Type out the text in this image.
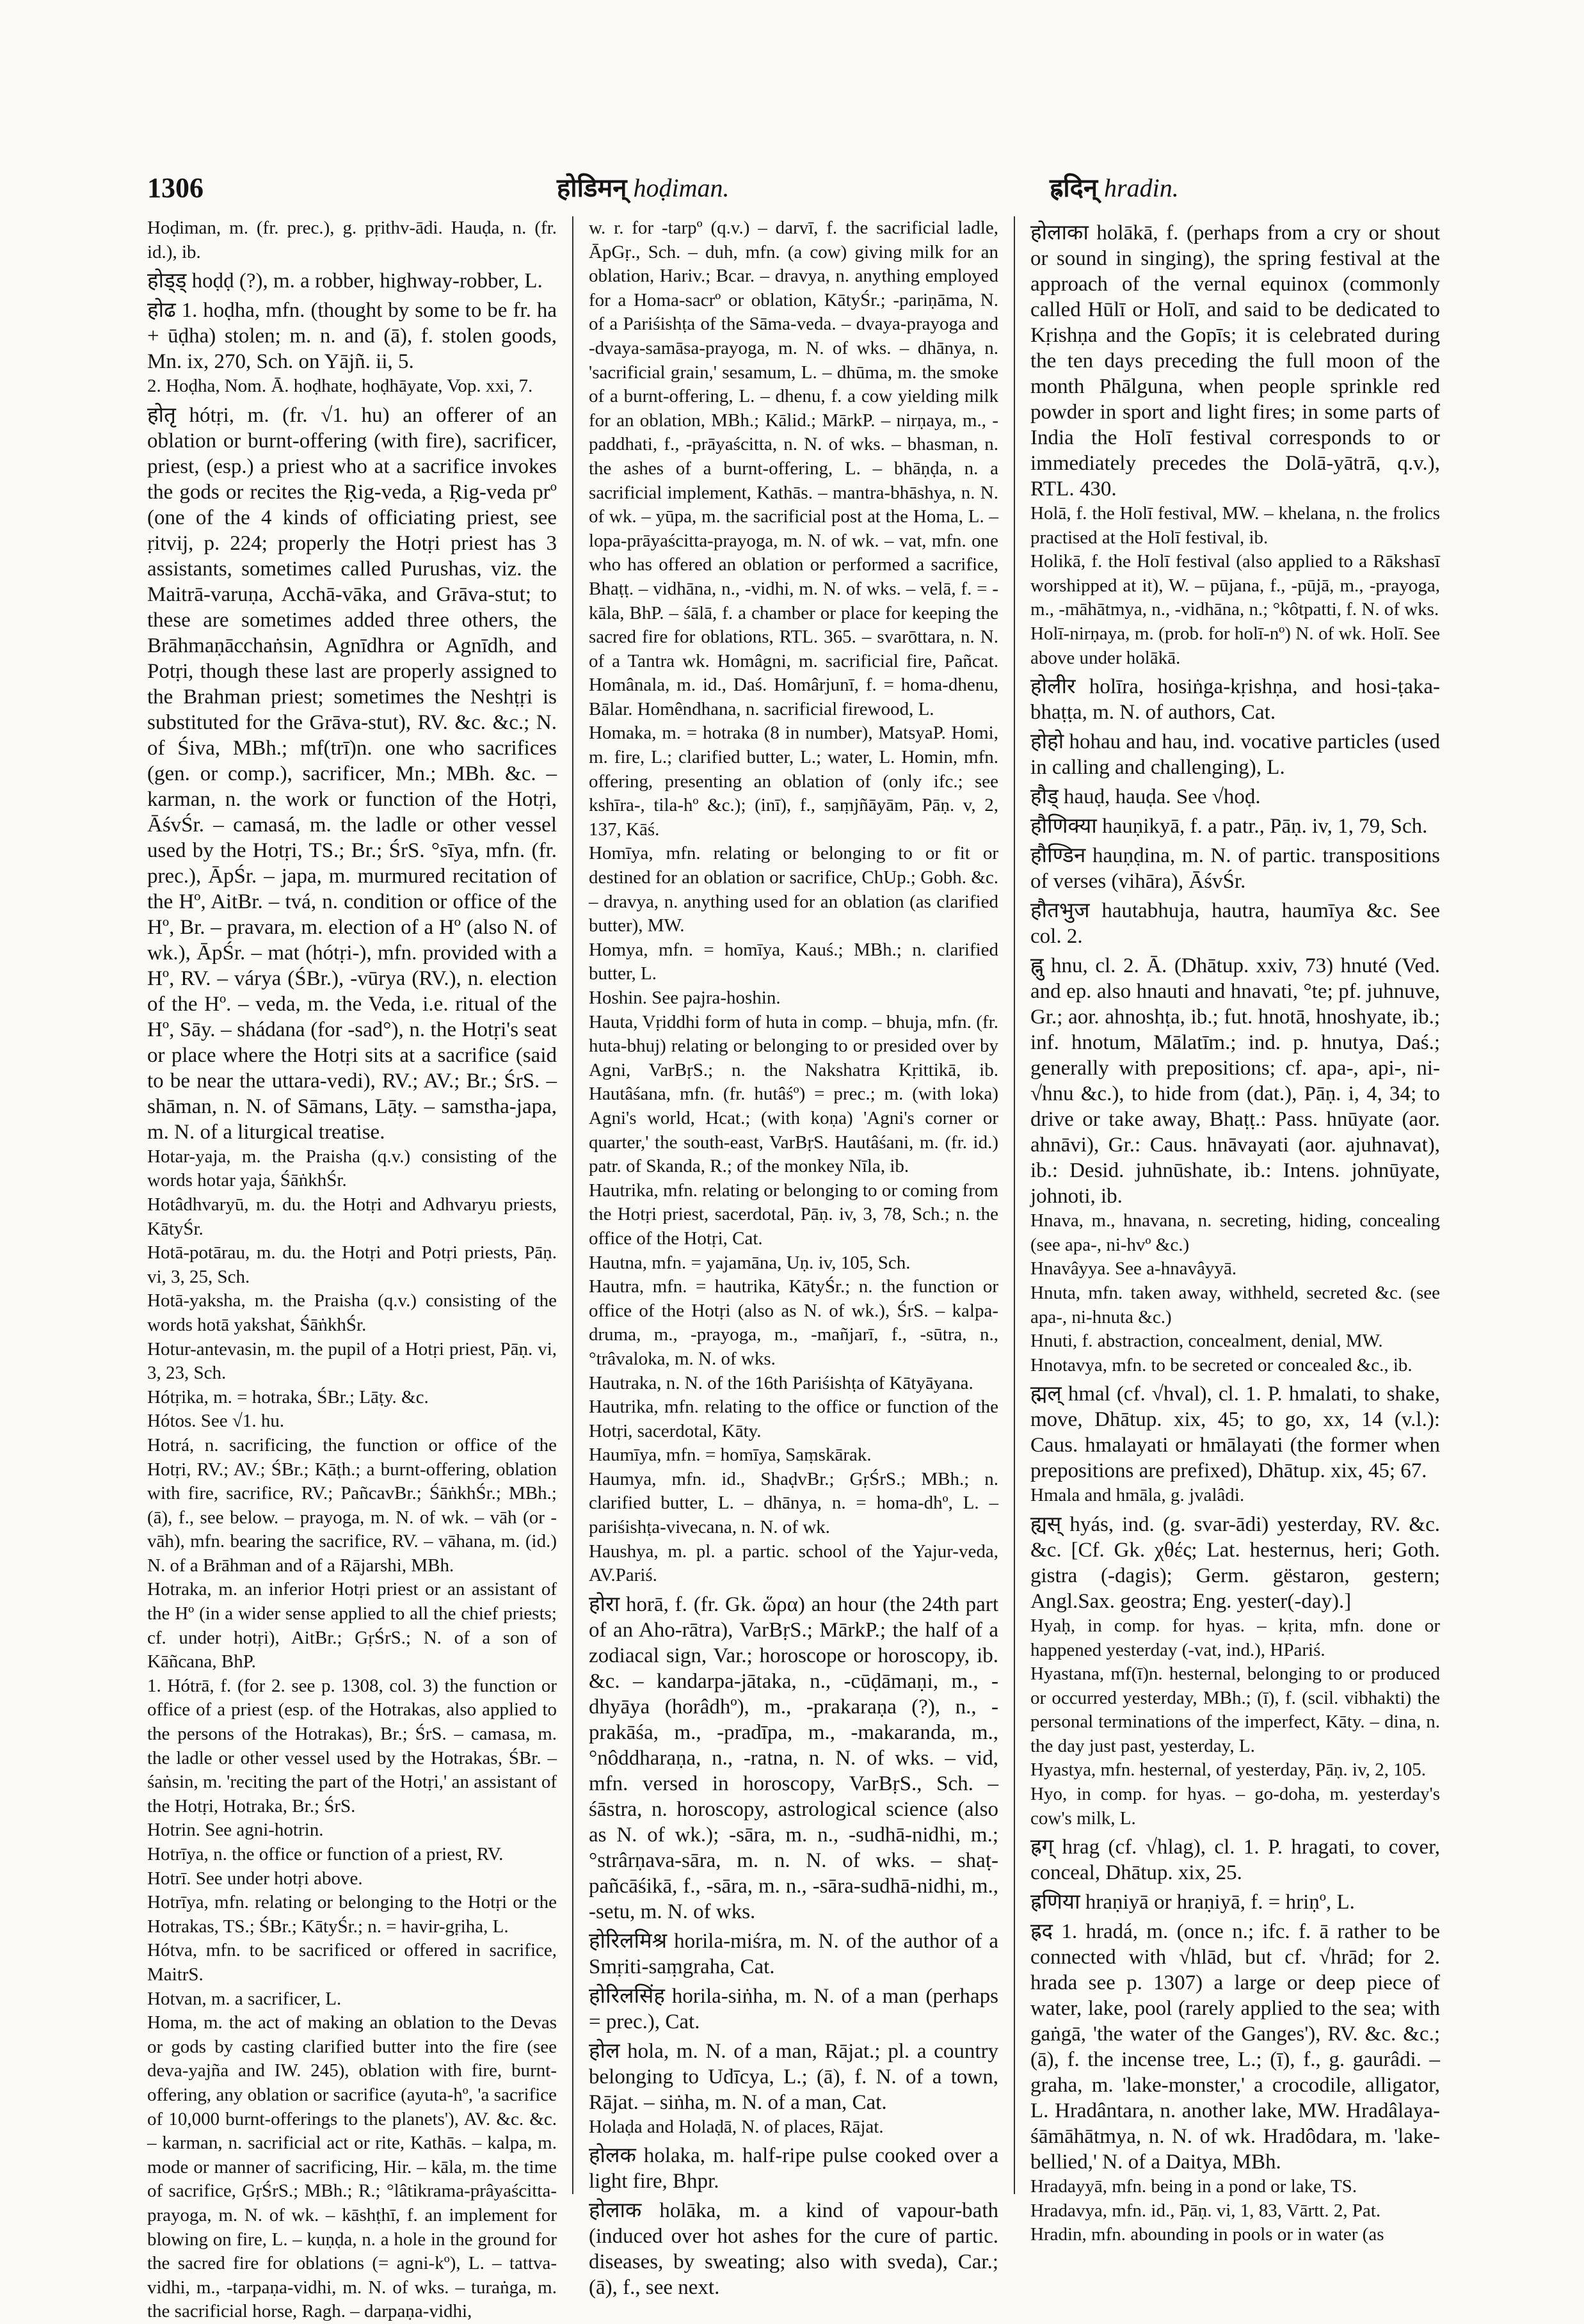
1306	होडिमन् hoḍiman.	ह्रदिन् hradin.

Hoḍiman, m. (fr. prec.), g. pṛithv-ādi. Hauḍa, n. (fr. id.), ib.

होड्ड् hoḍḍ (?), m. a robber, highway-robber, L.

होढ 1. hoḍha, mfn. (thought by some to be fr. ha + ūḍha) stolen; m. n. and (ā), f. stolen goods, Mn. ix, 270, Sch. on Yājñ. ii, 5.

2. Hoḍha, Nom. Ā. hoḍhate, hoḍhāyate, Vop. xxi, 7.

होतृ hótṛi, m. (fr. √1. hu) an offerer of an oblation or burnt-offering (with fire), sacrificer, priest, (esp.) a priest who at a sacrifice invokes the gods or recites the Ṛig-veda, a Ṛig-veda prº (one of the 4 kinds of officiating priest, see ṛitvij, p. 224; properly the Hotṛi priest has 3 assistants, sometimes called Purushas, viz. the Maitrā-varuṇa, Acchā-vāka, and Grāva-stut; to these are sometimes added three others, the Brāhmaṇācchaṅsin, Agnīdhra or Agnīdh, and Potṛi, though these last are properly assigned to the Brahman priest; sometimes the Neshṭṛi is substituted for the Grāva-stut), RV. &c. &c.; N. of Śiva, MBh.; mf(trī)n. one who sacrifices (gen. or comp.), sacrificer, Mn.; MBh. &c. – karman, n. the work or function of the Hotṛi, ĀśvŚr. – camasá, m. the ladle or other vessel used by the Hotṛi, TS.; Br.; ŚrS. °sīya, mfn. (fr. prec.), ĀpŚr. – japa, m. murmured recitation of the Hº, AitBr. – tvá, n. condition or office of the Hº, Br. – pravara, m. election of a Hº (also N. of wk.), ĀpŚr. – mat (hótṛi-), mfn. provided with a Hº, RV. – várya (ŚBr.), -vūrya (RV.), n. election of the Hº. – veda, m. the Veda, i.e. ritual of the Hº, Sāy. – shádana (for -sad°), n. the Hotṛi's seat or place where the Hotṛi sits at a sacrifice (said to be near the uttara-vedi), RV.; AV.; Br.; ŚrS. – shāman, n. N. of Sāmans, Lāṭy. – samstha-japa, m. N. of a liturgical treatise.

Hotar-yaja, m. the Praisha (q.v.) consisting of the words hotar yaja, ŚāṅkhŚr.

Hotâdhvaryū, m. du. the Hotṛi and Adhvaryu priests, KātyŚr.

Hotā-potārau, m. du. the Hotṛi and Potṛi priests, Pāṇ. vi, 3, 25, Sch.

Hotā-yaksha, m. the Praisha (q.v.) consisting of the words hotā yakshat, ŚāṅkhŚr.

Hotur-antevasin, m. the pupil of a Hotṛi priest, Pāṇ. vi, 3, 23, Sch.

Hótṛika, m. = hotraka, ŚBr.; Lāṭy. &c.

Hótos. See √1. hu.

Hotrá, n. sacrificing, the function or office of the Hotṛi, RV.; AV.; ŚBr.; Kāṭh.; a burnt-offering, oblation with fire, sacrifice, RV.; PañcavBr.; ŚāṅkhŚr.; MBh.; (ā), f., see below. – prayoga, m. N. of wk. – vāh (or -vāh), mfn. bearing the sacrifice, RV. – vāhana, m. (id.) N. of a Brāhman and of a Rājarshi, MBh.

Hotraka, m. an inferior Hotṛi priest or an assistant of the Hº (in a wider sense applied to all the chief priests; cf. under hotṛi), AitBr.; GṛŚrS.; N. of a son of Kāñcana, BhP.

1. Hótrā, f. (for 2. see p. 1308, col. 3) the function or office of a priest (esp. of the Hotrakas, also applied to the persons of the Hotrakas), Br.; ŚrS. – camasa, m. the ladle or other vessel used by the Hotrakas, ŚBr. – śaṅsin, m. 'reciting the part of the Hotṛi,' an assistant of the Hotṛi, Hotraka, Br.; ŚrS.

Hotrin. See agni-hotrin.

Hotrīya, n. the office or function of a priest, RV.

Hotrī. See under hotṛi above.

Hotrīya, mfn. relating or belonging to the Hotṛi or the Hotrakas, TS.; ŚBr.; KātyŚr.; n. = havir-gṛiha, L.

Hótva, mfn. to be sacrificed or offered in sacrifice, MaitrS.

Hotvan, m. a sacrificer, L.

Homa, m. the act of making an oblation to the Devas or gods by casting clarified butter into the fire (see deva-yajña and IW. 245), oblation with fire, burnt-offering, any oblation or sacrifice (ayuta-hº, 'a sacrifice of 10,000 burnt-offerings to the planets'), AV. &c. &c. – karman, n. sacrificial act or rite, Kathās. – kalpa, m. mode or manner of sacrificing, Hir. – kāla, m. the time of sacrifice, GṛŚrS.; MBh.; R.; °lâtikrama-prâyaścitta-prayoga, m. N. of wk. – kāshṭhī, f. an implement for blowing on fire, L. – kuṇḍa, n. a hole in the ground for the sacred fire for oblations (= agni-kº), L. – tattva-vidhi, m., -tarpaṇa-vidhi, m. N. of wks. – turaṅga, m. the sacrificial horse, Ragh. – darpaṇa-vidhi,

w. r. for -tarpº (q.v.) – darvī, f. the sacrificial ladle, ĀpGṛ., Sch. – duh, mfn. (a cow) giving milk for an oblation, Hariv.; Bcar. – dravya, n. anything employed for a Homa-sacrº or oblation, KātyŚr.; -pariṇāma, N. of a Pariśishṭa of the Sāma-veda. – dvaya-prayoga and -dvaya-samāsa-prayoga, m. N. of wks. – dhānya, n. 'sacrificial grain,' sesamum, L. – dhūma, m. the smoke of a burnt-offering, L. – dhenu, f. a cow yielding milk for an oblation, MBh.; Kālid.; MārkP. – nirṇaya, m., -paddhati, f., -prāyaścitta, n. N. of wks. – bhasman, n. the ashes of a burnt-offering, L. – bhāṇḍa, n. a sacrificial implement, Kathās. – mantra-bhāshya, n. N. of wk. – yūpa, m. the sacrificial post at the Homa, L. – lopa-prāyaścitta-prayoga, m. N. of wk. – vat, mfn. one who has offered an oblation or performed a sacrifice, Bhaṭṭ. – vidhāna, n., -vidhi, m. N. of wks. – velā, f. = -kāla, BhP. – śālā, f. a chamber or place for keeping the sacred fire for oblations, RTL. 365. – svarōttara, n. N. of a Tantra wk. Homâgni, m. sacrificial fire, Pañcat. Homânala, m. id., Daś. Homârjunī, f. = homa-dhenu, Bālar. Homêndhana, n. sacrificial firewood, L.

Homaka, m. = hotraka (8 in number), MatsyaP. Homi, m. fire, L.; clarified butter, L.; water, L. Homin, mfn. offering, presenting an oblation of (only ifc.; see kshīra-, tila-hº &c.); (inī), f., saṃjñāyām, Pāṇ. v, 2, 137, Kāś.

Homīya, mfn. relating or belonging to or fit or destined for an oblation or sacrifice, ChUp.; Gobh. &c. – dravya, n. anything used for an oblation (as clarified butter), MW.

Homya, mfn. = homīya, Kauś.; MBh.; n. clarified butter, L.

Hoshin. See pajra-hoshin.

Hauta, Vṛiddhi form of huta in comp. – bhuja, mfn. (fr. huta-bhuj) relating or belonging to or presided over by Agni, VarBṛS.; n. the Nakshatra Kṛittikā, ib. Hautâśana, mfn. (fr. hutâśº) = prec.; m. (with loka) Agni's world, Hcat.; (with koṇa) 'Agni's corner or quarter,' the south-east, VarBṛS. Hautâśani, m. (fr. id.) patr. of Skanda, R.; of the monkey Nīla, ib.

Hautrika, mfn. relating or belonging to or coming from the Hotṛi priest, sacerdotal, Pāṇ. iv, 3, 78, Sch.; n. the office of the Hotṛi, Cat.

Hautna, mfn. = yajamāna, Uṇ. iv, 105, Sch.

Hautra, mfn. = hautrika, KātyŚr.; n. the function or office of the Hotṛi (also as N. of wk.), ŚrS. – kalpa-druma, m., -prayoga, m., -mañjarī, f., -sūtra, n., °trâvaloka, m. N. of wks.

Hautraka, n. N. of the 16th Pariśishṭa of Kātyāyana.

Hautrika, mfn. relating to the office or function of the Hotṛi, sacerdotal, Kāty.

Haumīya, mfn. = homīya, Saṃskārak.

Haumya, mfn. id., ShaḍvBr.; GṛŚrS.; MBh.; n. clarified butter, L. – dhānya, n. = homa-dhº, L. – pariśishṭa-vivecana, n. N. of wk.

Haushya, m. pl. a partic. school of the Yajur-veda, AV.Pariś.

होरा horā, f. (fr. Gk. ὥρα) an hour (the 24th part of an Aho-rātra), VarBṛS.; MārkP.; the half of a zodiacal sign, Var.; horoscope or horoscopy, ib. &c. – kandarpa-jātaka, n., -cūḍāmaṇi, m., -dhyāya (horâdhº), m., -prakaraṇa (?), n., -prakāśa, m., -pradīpa, m., -makaranda, m., °nôddharaṇa, n., -ratna, n. N. of wks. – vid, mfn. versed in horoscopy, VarBṛS., Sch. – śāstra, n. horoscopy, astrological science (also as N. of wk.); -sāra, m. n., -sudhā-nidhi, m.; °strârṇava-sāra, m. n. N. of wks. – shaṭ-pañcāśikā, f., -sāra, m. n., -sāra-sudhā-nidhi, m., -setu, m. N. of wks.

होरिलमिश्र horila-miśra, m. N. of the author of a Smṛiti-saṃgraha, Cat.

होरिलसिंह horila-siṅha, m. N. of a man (perhaps = prec.), Cat.

होल hola, m. N. of a man, Rājat.; pl. a country belonging to Udīcya, L.; (ā), f. N. of a town, Rājat. – siṅha, m. N. of a man, Cat.

Holaḍa and Holaḍā, N. of places, Rājat.

होलक holaka, m. half-ripe pulse cooked over a light fire, Bhpr.

होलाक holāka, m. a kind of vapour-bath (induced over hot ashes for the cure of partic. diseases, by sweating; also with sveda), Car.; (ā), f., see next.

होलाका holākā, f. (perhaps from a cry or shout or sound in singing), the spring festival at the approach of the vernal equinox (commonly called Hūlī or Holī, and said to be dedicated to Kṛishṇa and the Gopīs; it is celebrated during the ten days preceding the full moon of the month Phālguna, when people sprinkle red powder in sport and light fires; in some parts of India the Holī festival corresponds to or immediately precedes the Dolā-yātrā, q.v.), RTL. 430.

Holā, f. the Holī festival, MW. – khelana, n. the frolics practised at the Holī festival, ib.

Holikā, f. the Holī festival (also applied to a Rākshasī worshipped at it), W. – pūjana, f., -pūjā, m., -prayoga, m., -māhātmya, n., -vidhāna, n.; °kôtpatti, f. N. of wks.

Holī-nirṇaya, m. (prob. for holī-nº) N. of wk. Holī. See above under holākā.

होलीर holīra, hosiṅga-kṛishṇa, and hosi-ṭaka-bhaṭṭa, m. N. of authors, Cat.

होहो hohau and hau, ind. vocative particles (used in calling and challenging), L.

हौड् hauḍ, hauḍa. See √hoḍ.

हौणिक्या hauṇikyā, f. a patr., Pāṇ. iv, 1, 79, Sch.

हौण्डिन hauṇḍina, m. N. of partic. transpositions of verses (vihāra), ĀśvŚr.

हौतभुज hautabhuja, hautra, haumīya &c. See col. 2.

ह्नु hnu, cl. 2. Ā. (Dhātup. xxiv, 73) hnuté (Ved. and ep. also hnauti and hnavati, °te; pf. juhnuve, Gr.; aor. ahnoshṭa, ib.; fut. hnotā, hnoshyate, ib.; inf. hnotum, Mālatīm.; ind. p. hnutya, Daś.; generally with prepositions; cf. apa-, api-, ni-√hnu &c.), to hide from (dat.), Pāṇ. i, 4, 34; to drive or take away, Bhaṭṭ.: Pass. hnūyate (aor. ahnāvi), Gr.: Caus. hnāvayati (aor. ajuhnavat), ib.: Desid. juhnūshate, ib.: Intens. johnūyate, johnoti, ib.

Hnava, m., hnavana, n. secreting, hiding, concealing (see apa-, ni-hvº &c.)

Hnavâyya. See a-hnavâyyā.

Hnuta, mfn. taken away, withheld, secreted &c. (see apa-, ni-hnuta &c.)

Hnuti, f. abstraction, concealment, denial, MW.

Hnotavya, mfn. to be secreted or concealed &c., ib.

ह्मल् hmal (cf. √hval), cl. 1. P. hmalati, to shake, move, Dhātup. xix, 45; to go, xx, 14 (v.l.): Caus. hmalayati or hmālayati (the former when prepositions are prefixed), Dhātup. xix, 45; 67.

Hmala and hmāla, g. jvalâdi.

ह्यस् hyás, ind. (g. svar-ādi) yesterday, RV. &c. &c. [Cf. Gk. χθές; Lat. hesternus, heri; Goth. gistra (-dagis); Germ. gëstaron, gestern; Angl.Sax. geostra; Eng. yester(-day).]

Hyaḥ, in comp. for hyas. – kṛita, mfn. done or happened yesterday (-vat, ind.), HPariś.

Hyastana, mf(ī)n. hesternal, belonging to or produced or occurred yesterday, MBh.; (ī), f. (scil. vibhakti) the personal terminations of the imperfect, Kāty. – dina, n. the day just past, yesterday, L.

Hyastya, mfn. hesternal, of yesterday, Pāṇ. iv, 2, 105.

Hyo, in comp. for hyas. – go-doha, m. yesterday's cow's milk, L.

ह्रग् hrag (cf. √hlag), cl. 1. P. hragati, to cover, conceal, Dhātup. xix, 25.

ह्रणिया hraṇiyā or hraṇiyā, f. = hriṇº, L.

ह्रद 1. hradá, m. (once n.; ifc. f. ā rather to be connected with √hlād, but cf. √hrād; for 2. hrada see p. 1307) a large or deep piece of water, lake, pool (rarely applied to the sea; with gaṅgā, 'the water of the Ganges'), RV. &c. &c.; (ā), f. the incense tree, L.; (ī), f., g. gaurâdi. – graha, m. 'lake-monster,' a crocodile, alligator, L. Hradântara, n. another lake, MW. Hradâlaya-śāmāhātmya, n. N. of wk. Hradôdara, m. 'lake-bellied,' N. of a Daitya, MBh.

Hradayyā, mfn. being in a pond or lake, TS.

Hradavya, mfn. id., Pāṇ. vi, 1, 83, Vārtt. 2, Pat.

Hradin, mfn. abounding in pools or in water (as
